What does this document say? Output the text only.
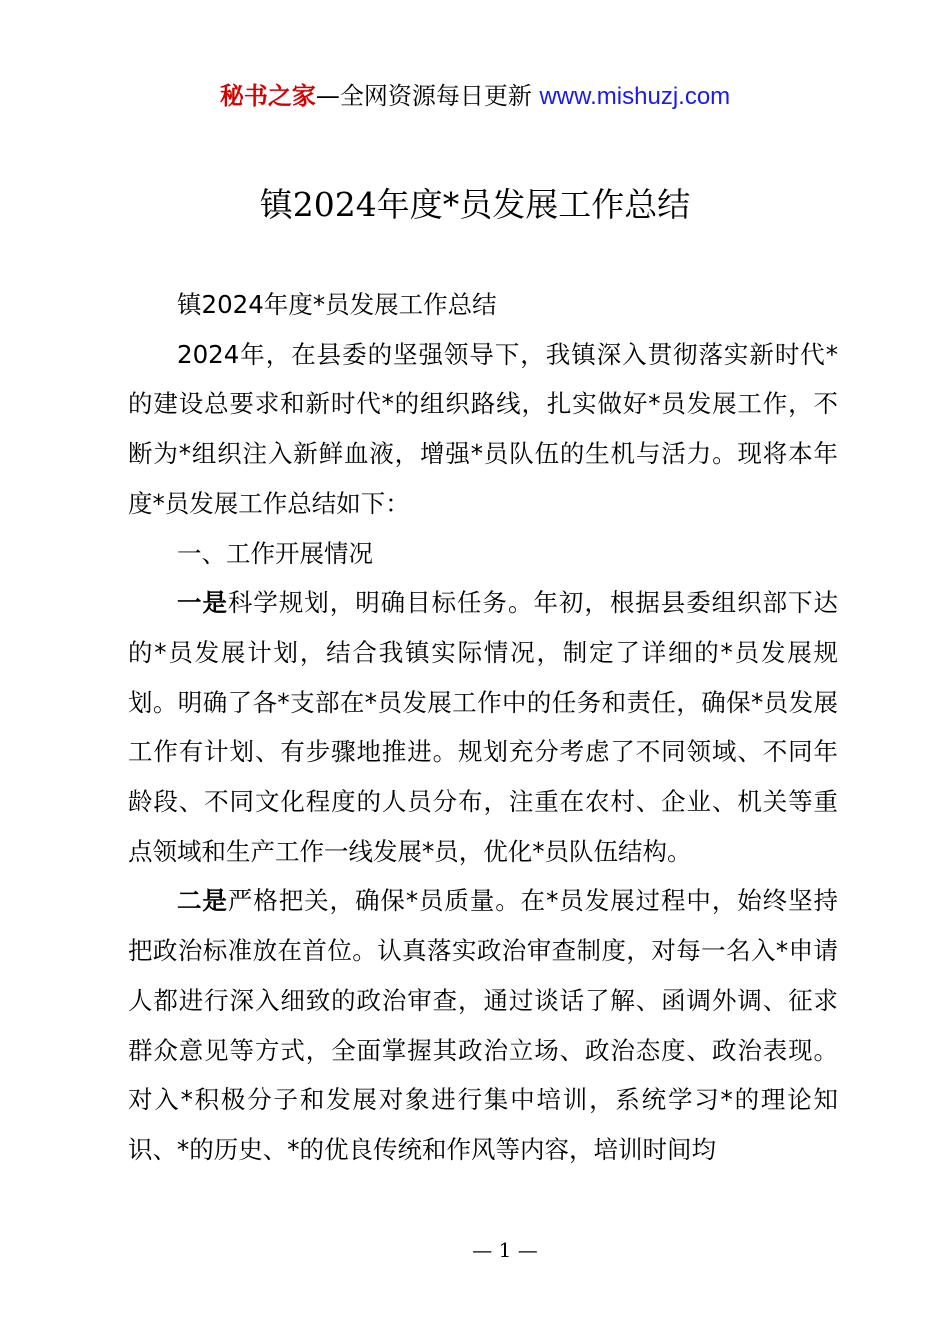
秘书之家—全网资源每日更新 www.mishuzj.com
镇2024年度*员发展工作总结

镇2024年度*员发展工作总结

2024年，在县委的坚强领导下，我镇深入贯彻落实新时代*的建设总要求和新时代*的组织路线，扎实做好*员发展工作，不断为*组织注入新鲜血液，增强*员队伍的生机与活力。现将本年度*员发展工作总结如下：

一、工作开展情况

一是科学规划，明确目标任务。年初，根据县委组织部下达的*员发展计划，结合我镇实际情况，制定了详细的*员发展规划。明确了各*支部在*员发展工作中的任务和责任，确保*员发展工作有计划、有步骤地推进。规划充分考虑了不同领域、不同年龄段、不同文化程度的人员分布，注重在农村、企业、机关等重点领域和生产工作一线发展*员，优化*员队伍结构。

二是严格把关，确保*员质量。在*员发展过程中，始终坚持把政治标准放在首位。认真落实政治审查制度，对每一名入*申请人都进行深入细致的政治审查，通过谈话了解、函调外调、征求群众意见等方式，全面掌握其政治立场、政治态度、政治表现。对入*积极分子和发展对象进行集中培训，系统学习*的理论知识、*的历史、*的优良传统和作风等内容，培训时间均

— 1 —
